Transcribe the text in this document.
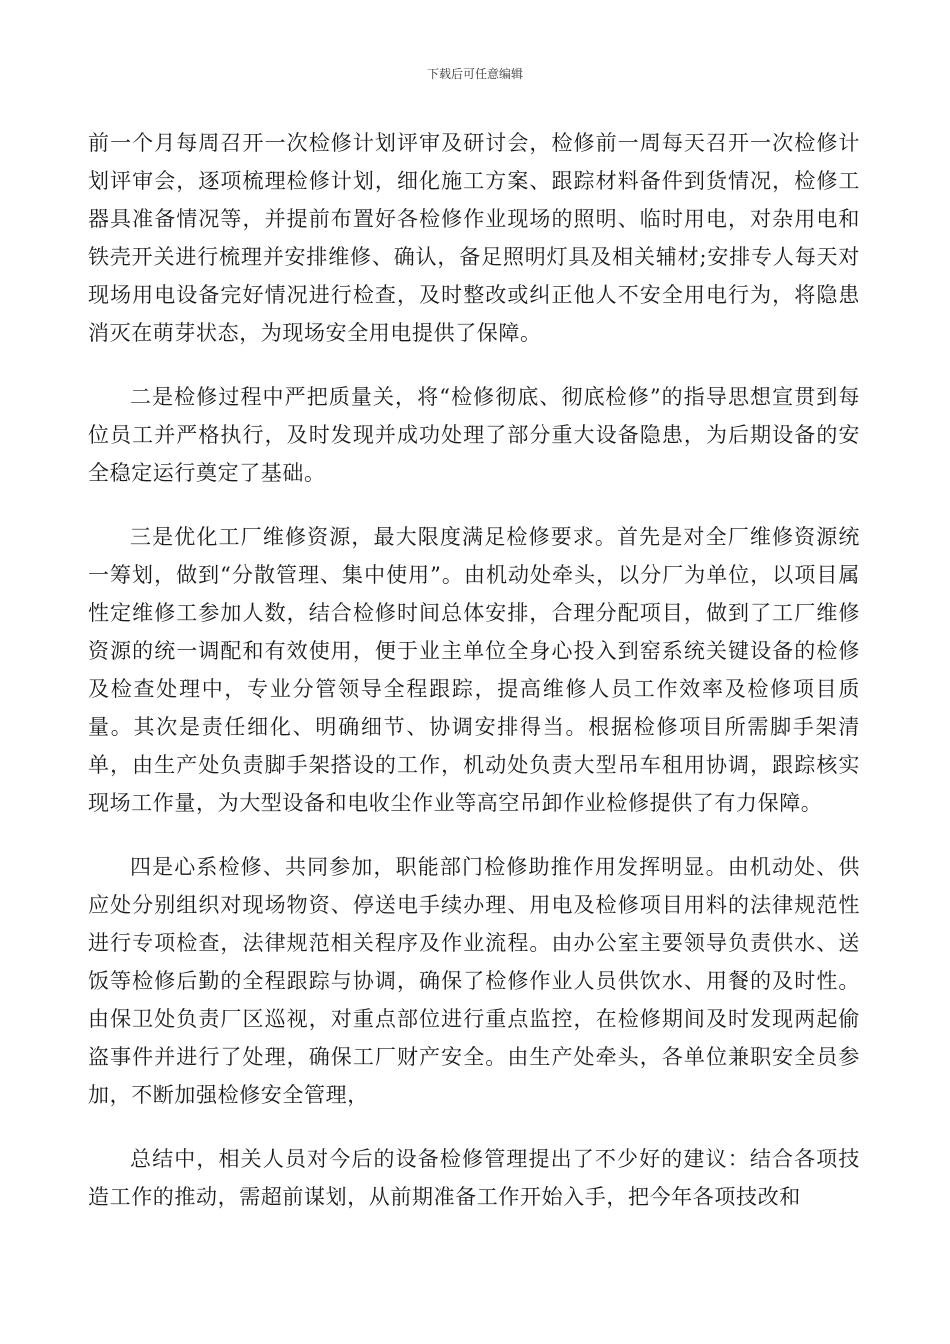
下载后可任意编辑

前一个月每周召开一次检修计划评审及研讨会，检修前一周每天召开一次检修计划评审会，逐项梳理检修计划，细化施工方案、跟踪材料备件到货情况，检修工器具准备情况等，并提前布置好各检修作业现场的照明、临时用电，对杂用电和铁壳开关进行梳理并安排维修、确认，备足照明灯具及相关辅材;安排专人每天对现场用电设备完好情况进行检查，及时整改或纠正他人不安全用电行为，将隐患消灭在萌芽状态，为现场安全用电提供了保障。

二是检修过程中严把质量关，将“检修彻底、彻底检修”的指导思想宣贯到每位员工并严格执行，及时发现并成功处理了部分重大设备隐患，为后期设备的安全稳定运行奠定了基础。

三是优化工厂维修资源，最大限度满足检修要求。首先是对全厂维修资源统一筹划，做到“分散管理、集中使用”。由机动处牵头，以分厂为单位，以项目属性定维修工参加人数，结合检修时间总体安排，合理分配项目，做到了工厂维修资源的统一调配和有效使用，便于业主单位全身心投入到窑系统关键设备的检修及检查处理中，专业分管领导全程跟踪，提高维修人员工作效率及检修项目质量。其次是责任细化、明确细节、协调安排得当。根据检修项目所需脚手架清单，由生产处负责脚手架搭设的工作，机动处负责大型吊车租用协调，跟踪核实现场工作量，为大型设备和电收尘作业等高空吊卸作业检修提供了有力保障。

四是心系检修、共同参加，职能部门检修助推作用发挥明显。由机动处、供应处分别组织对现场物资、停送电手续办理、用电及检修项目用料的法律规范性进行专项检查，法律规范相关程序及作业流程。由办公室主要领导负责供水、送饭等检修后勤的全程跟踪与协调，确保了检修作业人员供饮水、用餐的及时性。由保卫处负责厂区巡视，对重点部位进行重点监控，在检修期间及时发现两起偷盗事件并进行了处理，确保工厂财产安全。由生产处牵头，各单位兼职安全员参加，不断加强检修安全管理，

总结中，相关人员对今后的设备检修管理提出了不少好的建议：结合各项技造工作的推动，需超前谋划，从前期准备工作开始入手，把今年各项技改和
